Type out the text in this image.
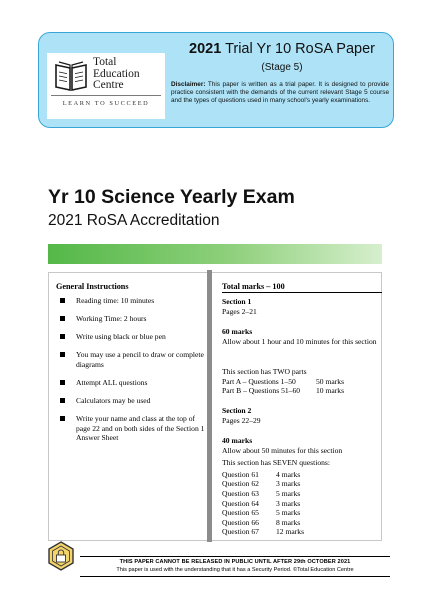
Total
Education
Centre
LEARN TO SUCCEED
2021 Trial Yr 10 RoSA Paper
(Stage 5)
Disclaimer: This paper is written as a trial paper. It is designed to provide practice consistent with the demands of the current relevant Stage 5 course and the types of questions used in many school's yearly examinations.
Yr 10 Science Yearly Exam
2021 RoSA Accreditation
General Instructions
Reading time: 10 minutes
Working Time: 2 hours
Write using black or blue pen
You may use a pencil to draw or complete diagrams
Attempt ALL questions
Calculators may be used
Write your name and class at the top of page 22 and on both sides of the Section 1 Answer Sheet
Total marks – 100
Section 1
Pages 2–21
60 marks
Allow about 1 hour and 10 minutes for this section
This section has TWO parts
Part A – Questions 1–50	50 marks
Part B – Questions 51–60	10 marks
Section 2
Pages 22–29
40 marks
Allow about 50 minutes for this section
This section has SEVEN questions:
Question 61	4 marks
Question 62	3 marks
Question 63	5 marks
Question 64	3 marks
Question 65	5 marks
Question 66	8 marks
Question 67	12 marks
THIS PAPER CANNOT BE RELEASED IN PUBLIC UNTIL AFTER 29th OCTOBER 2021
This paper is used with the understanding that it has a Security Period. ©Total Education Centre
